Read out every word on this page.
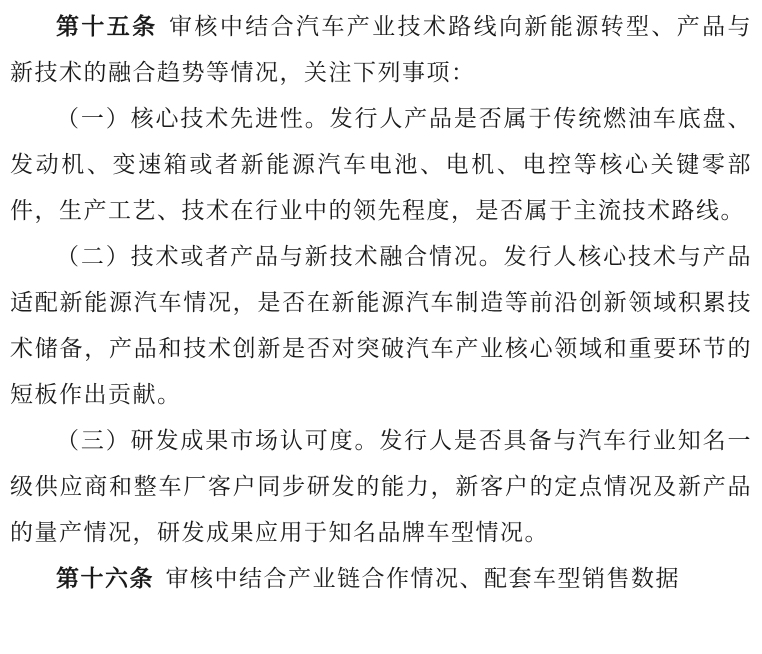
第十五条 审核中结合汽车产业技术路线向新能源转型、产品与新技术的融合趋势等情况，关注下列事项：

（一）核心技术先进性。发行人产品是否属于传统燃油车底盘、发动机、变速箱或者新能源汽车电池、电机、电控等核心关键零部件，生产工艺、技术在行业中的领先程度，是否属于主流技术路线。

（二）技术或者产品与新技术融合情况。发行人核心技术与产品适配新能源汽车情况，是否在新能源汽车制造等前沿创新领域积累技术储备，产品和技术创新是否对突破汽车产业核心领域和重要环节的短板作出贡献。

（三）研发成果市场认可度。发行人是否具备与汽车行业知名一级供应商和整车厂客户同步研发的能力，新客户的定点情况及新产品的量产情况，研发成果应用于知名品牌车型情况。

第十六条 审核中结合产业链合作情况、配套车型销售数据
